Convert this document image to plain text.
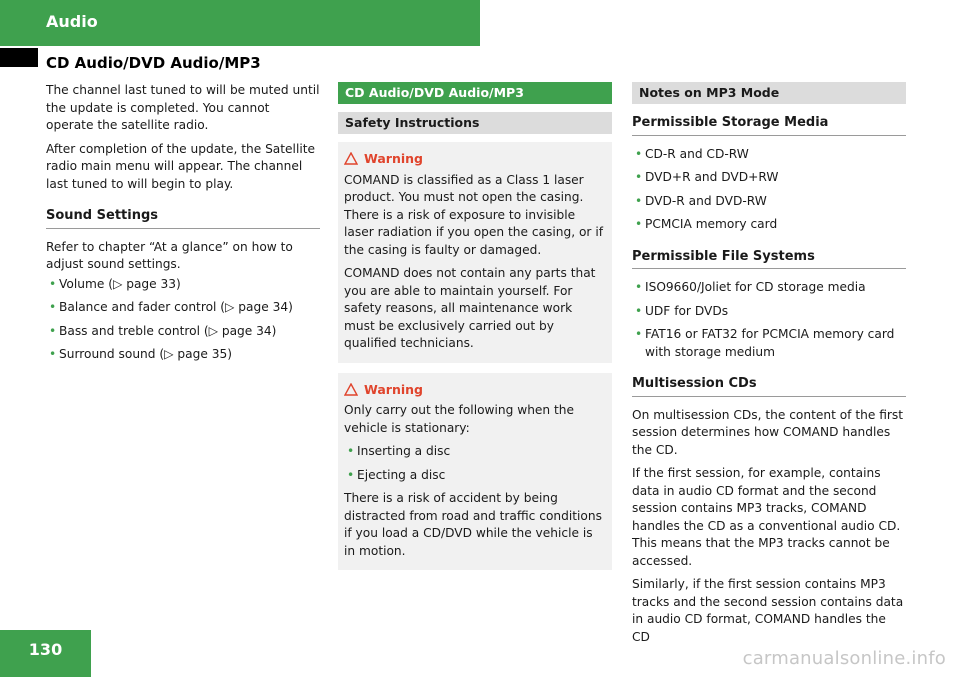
Audio
CD Audio/DVD Audio/MP3

The channel last tuned to will be muted until the update is completed. You cannot operate the satellite radio.

After completion of the update, the Satellite radio main menu will appear. The channel last tuned to will begin to play.

Sound Settings

Refer to chapter “At a glance” on how to adjust sound settings.

• Volume (▷ page 33)
• Balance and fader control (▷ page 34)
• Bass and treble control (▷ page 34)
• Surround sound (▷ page 35)
CD Audio/DVD Audio/MP3
Safety Instructions
Warning

COMAND is classified as a Class 1 laser product. You must not open the casing. There is a risk of exposure to invisible laser radiation if you open the casing, or if the casing is faulty or damaged.

COMAND does not contain any parts that you are able to maintain yourself. For safety reasons, all maintenance work must be exclusively carried out by qualified technicians.

Warning

Only carry out the following when the vehicle is stationary:

• Inserting a disc
• Ejecting a disc

There is a risk of accident by being distracted from road and traffic conditions if you load a CD/DVD while the vehicle is in motion.

Notes on MP3 Mode
Permissible Storage Media
• CD-R and CD-RW
• DVD+R and DVD+RW
• DVD-R and DVD-RW
• PCMCIA memory card
Permissible File Systems
• ISO9660/Joliet for CD storage media
• UDF for DVDs
• FAT16 or FAT32 for PCMCIA memory card with storage medium
Multisession CDs

On multisession CDs, the content of the first session determines how COMAND handles the CD.

If the first session, for example, contains data in audio CD format and the second session contains MP3 tracks, COMAND handles the CD as a conventional audio CD. This means that the MP3 tracks cannot be accessed.

Similarly, if the first session contains MP3 tracks and the second session contains data in audio CD format, COMAND handles the CD

130	carmanualsonline.info
